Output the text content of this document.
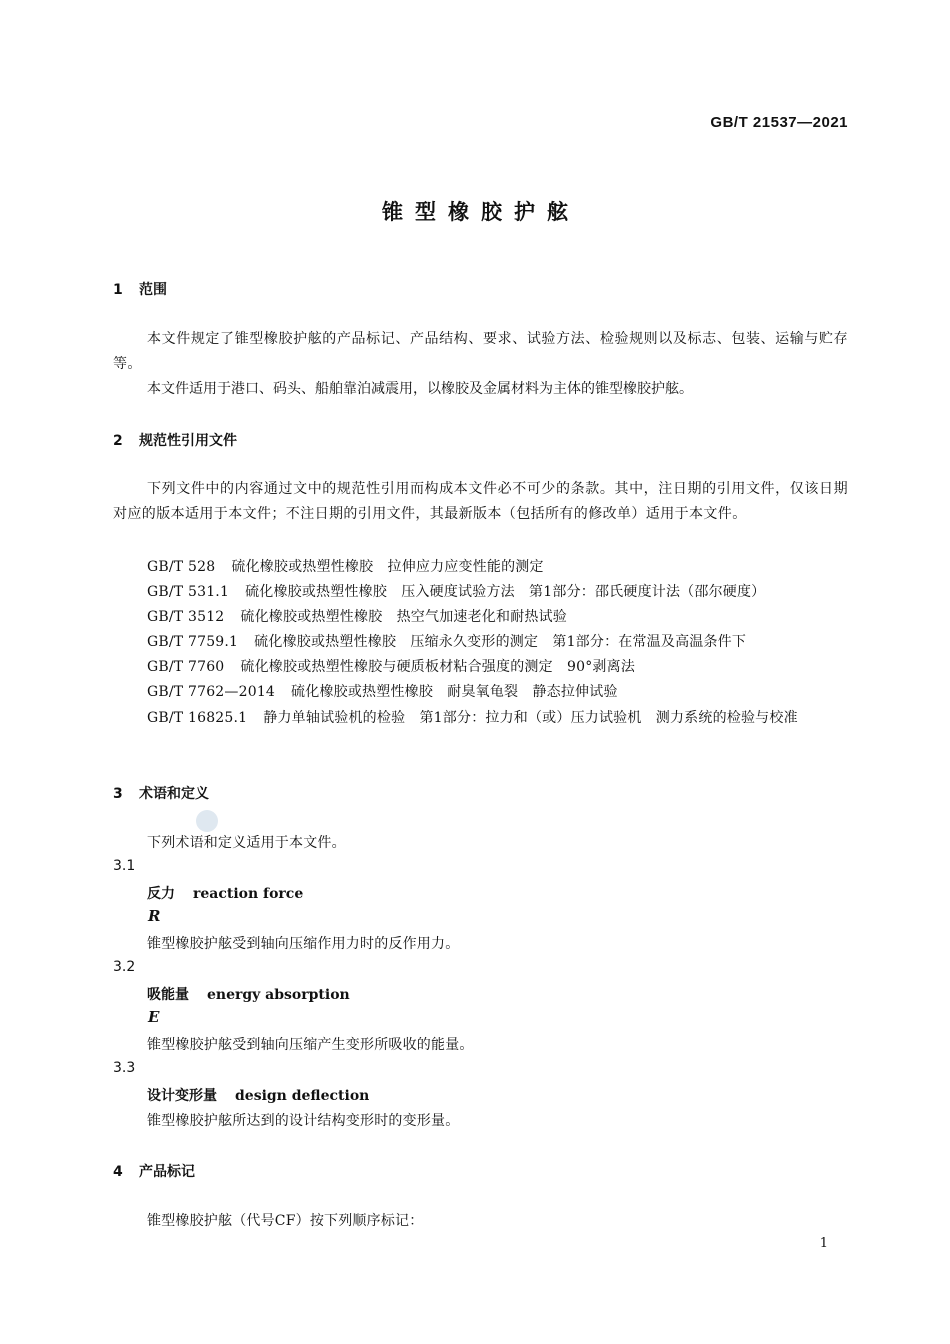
GB/T 21537—2021
锥型橡胶护舷
1 范围
本文件规定了锥型橡胶护舷的产品标记、产品结构、要求、试验方法、检验规则以及标志、包装、运输与贮存等。
本文件适用于港口、码头、船舶靠泊减震用，以橡胶及金属材料为主体的锥型橡胶护舷。
2 规范性引用文件
下列文件中的内容通过文中的规范性引用而构成本文件必不可少的条款。其中，注日期的引用文件，仅该日期对应的版本适用于本文件；不注日期的引用文件，其最新版本（包括所有的修改单）适用于本文件。
GB/T 528 硫化橡胶或热塑性橡胶　拉伸应力应变性能的测定
GB/T 531.1 硫化橡胶或热塑性橡胶　压入硬度试验方法　第1部分：邵氏硬度计法（邵尔硬度）
GB/T 3512 硫化橡胶或热塑性橡胶　热空气加速老化和耐热试验
GB/T 7759.1 硫化橡胶或热塑性橡胶　压缩永久变形的测定　第1部分：在常温及高温条件下
GB/T 7760 硫化橡胶或热塑性橡胶与硬质板材粘合强度的测定　90°剥离法
GB/T 7762—2014 硫化橡胶或热塑性橡胶　耐臭氧龟裂　静态拉伸试验
GB/T 16825.1 静力单轴试验机的检验　第1部分：拉力和（或）压力试验机　测力系统的检验与校准
3 术语和定义
下列术语和定义适用于本文件。
3.1
反力 reaction force
R
锥型橡胶护舷受到轴向压缩作用力时的反作用力。
3.2
吸能量 energy absorption
E
锥型橡胶护舷受到轴向压缩产生变形所吸收的能量。
3.3
设计变形量 design deflection
锥型橡胶护舷所达到的设计结构变形时的变形量。
4 产品标记
锥型橡胶护舷（代号CF）按下列顺序标记：
1
